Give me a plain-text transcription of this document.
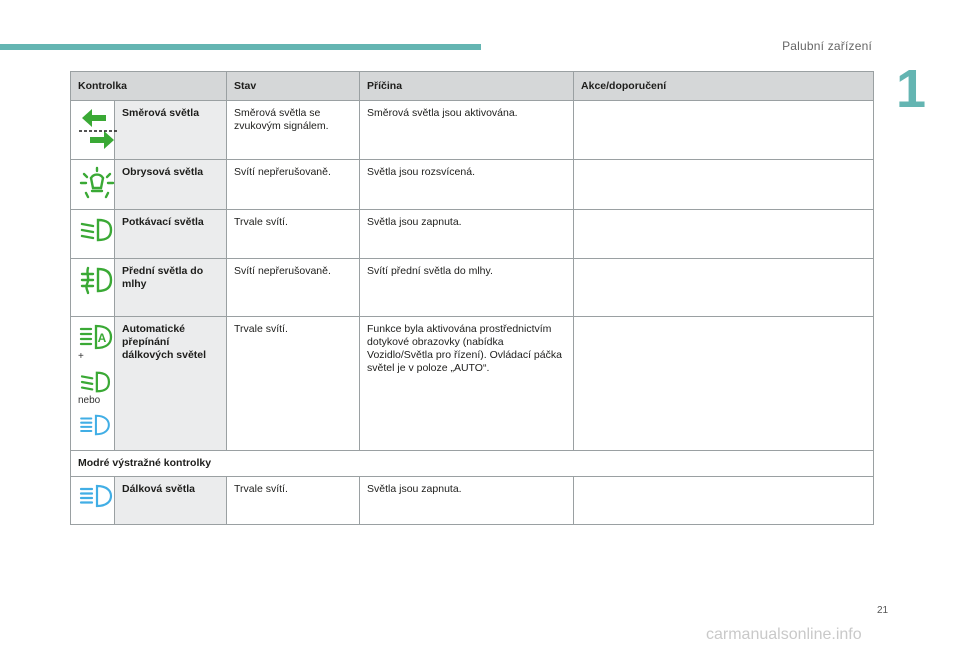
Palubní zařízení
1
Kontrolka		Stav	Příčina	Akce/doporučení

	Směrová světla	Směrová světla se zvukovým signálem.	Směrová světla jsou aktivována.	

	Obrysová světla	Svítí nepřerušovaně.	Světla jsou rozsvícená.	

	Potkávací světla	Trvale svítí.	Světla jsou zapnuta.	

	Přední světla do mlhy	Svítí nepřerušovaně.	Svítí přední světla do mlhy.	

A
+
nebo	Automatické přepínání dálkových světel	Trvale svítí.	Funkce byla aktivována prostřednictvím dotykové obrazovky (nabídka Vozidlo/Světla pro řízení). Ovládací páčka světel je v poloze „AUTO“.	
Modré výstražné kontrolky				

	Dálková světla	Trvale svítí.	Světla jsou zapnuta.	
21
carmanualsonline.info
